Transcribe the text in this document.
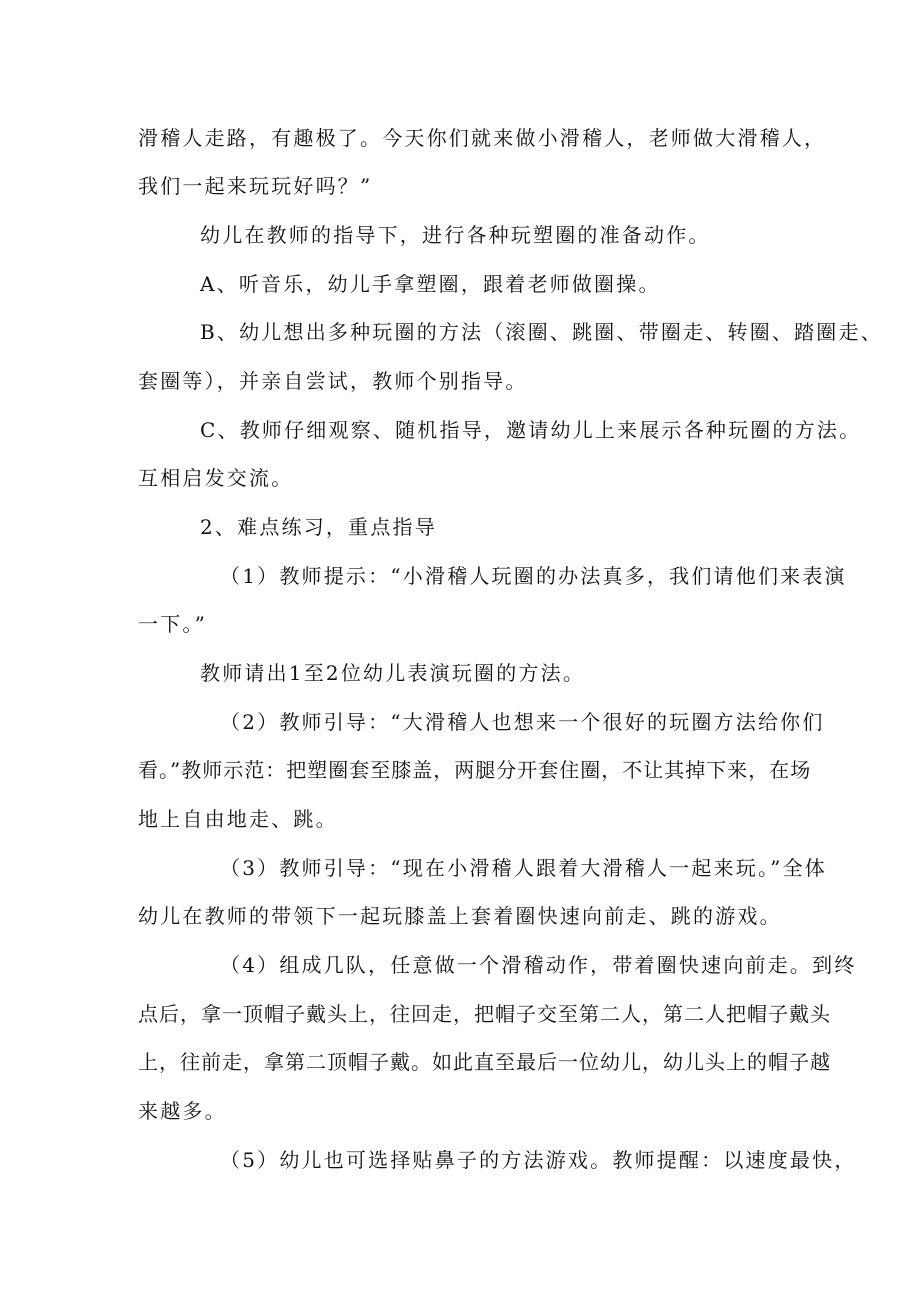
滑稽人走路，有趣极了。今天你们就来做小滑稽人，老师做大滑稽人，
我们一起来玩玩好吗？”
幼儿在教师的指导下，进行各种玩塑圈的准备动作。
A、听音乐，幼儿手拿塑圈，跟着老师做圈操。
B、幼儿想出多种玩圈的方法（滚圈、跳圈、带圈走、转圈、踏圈走、
套圈等），并亲自尝试，教师个别指导。
C、教师仔细观察、随机指导，邀请幼儿上来展示各种玩圈的方法。
互相启发交流。
2、难点练习，重点指导
（1）教师提示：“小滑稽人玩圈的办法真多，我们请他们来表演
一下。”
教师请出1至2位幼儿表演玩圈的方法。
（2）教师引导：“大滑稽人也想来一个很好的玩圈方法给你们
看。”教师示范：把塑圈套至膝盖，两腿分开套住圈，不让其掉下来，在场
地上自由地走、跳。
（3）教师引导：“现在小滑稽人跟着大滑稽人一起来玩。”全体
幼儿在教师的带领下一起玩膝盖上套着圈快速向前走、跳的游戏。
（4）组成几队，任意做一个滑稽动作，带着圈快速向前走。到终
点后，拿一顶帽子戴头上，往回走，把帽子交至第二人，第二人把帽子戴头
上，往前走，拿第二顶帽子戴。如此直至最后一位幼儿，幼儿头上的帽子越
来越多。
（5）幼儿也可选择贴鼻子的方法游戏。教师提醒：以速度最快，
